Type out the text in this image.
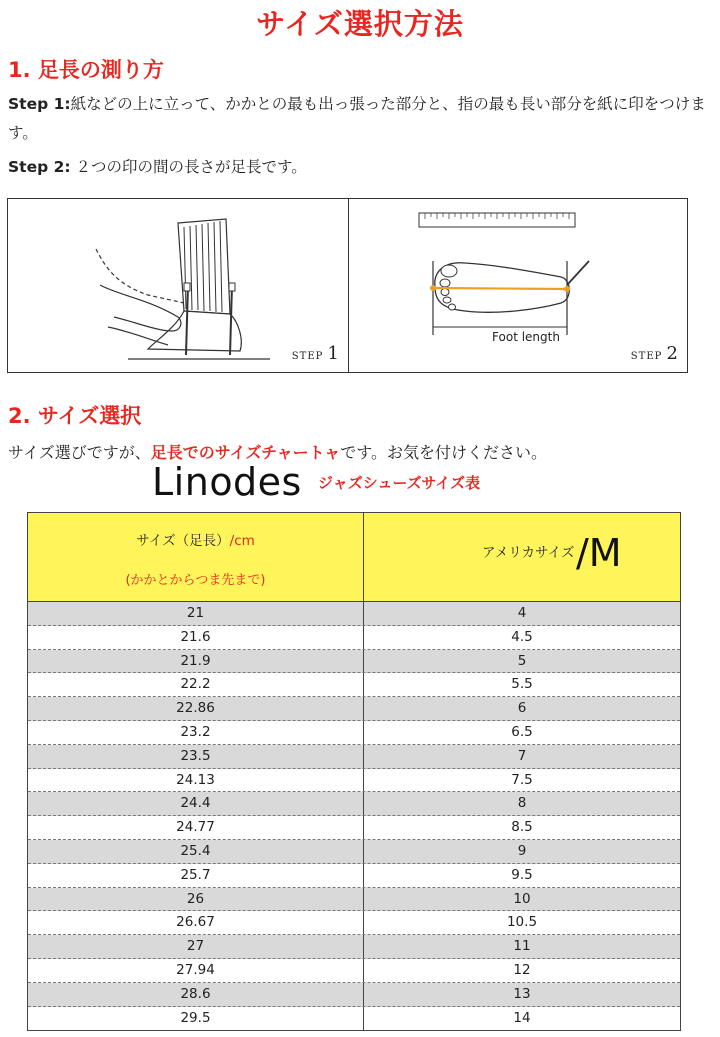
サイズ選択方法
1. 足長の測り方
Step 1:紙などの上に立って、かかとの最も出っ張った部分と、指の最も長い部分を紙に印をつけます。
Step 2: ２つの印の間の長さが足長です。
STEP 1
Foot length
STEP 2
2. サイズ選択
サイズ選びですが、足長でのサイズチャートャです。お気を付けください。
Linodes ジャズシューズサイズ表
サイズ（足長）/cm
(かかとからつま先まで)
アメリカサイズ /M
21	4
21.6	4.5
21.9	5
22.2	5.5
22.86	6
23.2	6.5
23.5	7
24.13	7.5
24.4	8
24.77	8.5
25.4	9
25.7	9.5
26	10
26.67	10.5
27	11
27.94	12
28.6	13
29.5	14
